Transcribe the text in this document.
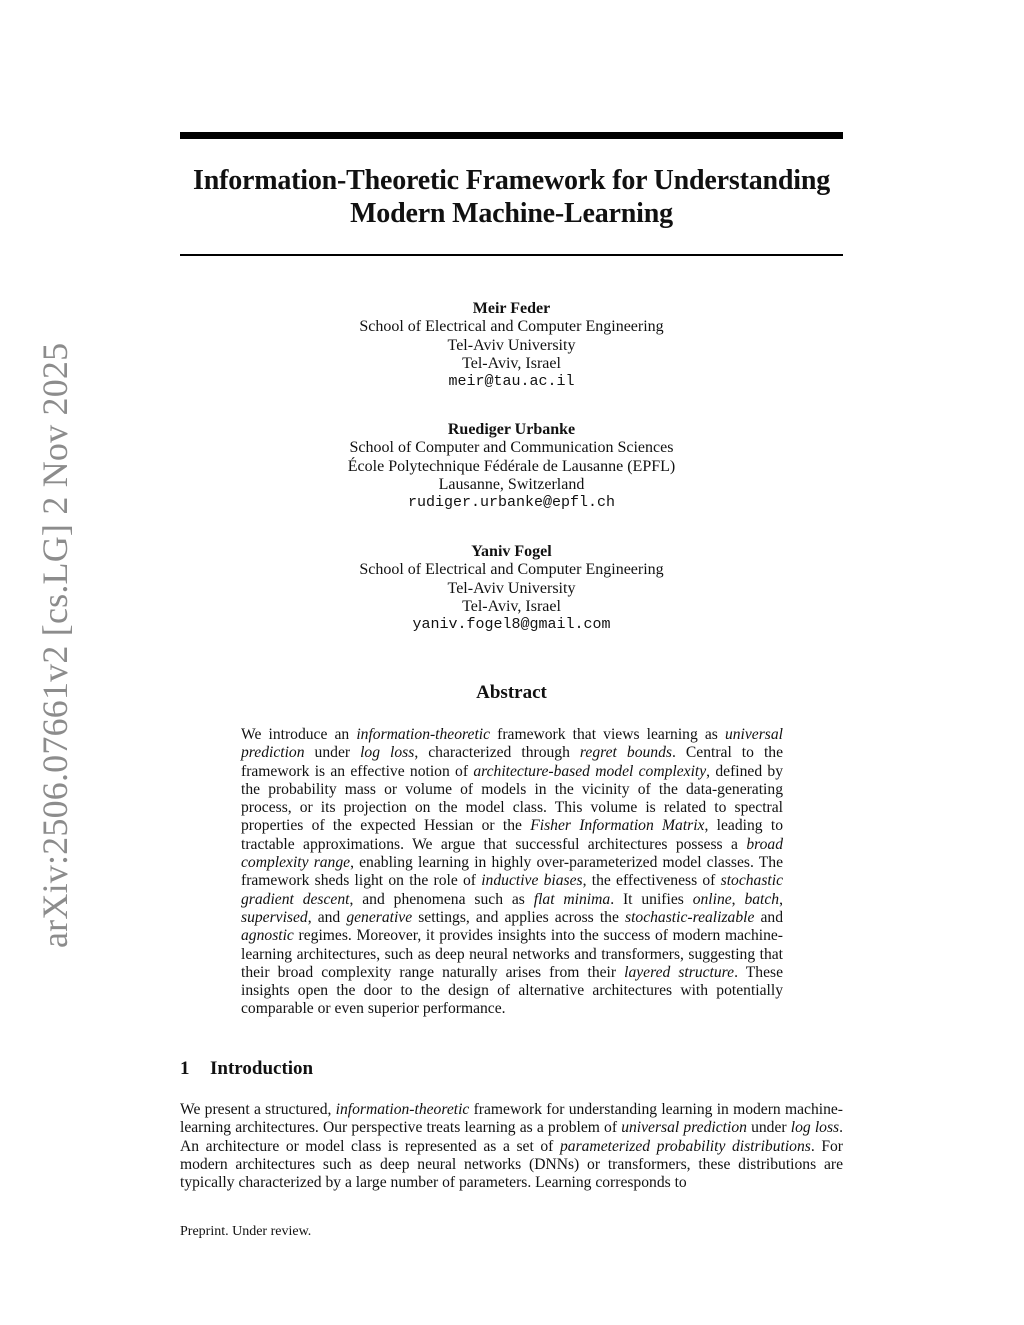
arXiv:2506.07661v2 [cs.LG] 2 Nov 2025
Information-Theoretic Framework for Understanding
Modern Machine-Learning
Meir Feder
School of Electrical and Computer Engineering
Tel-Aviv University
Tel-Aviv, Israel
meir@tau.ac.il
Ruediger Urbanke
School of Computer and Communication Sciences
École Polytechnique Fédérale de Lausanne (EPFL)
Lausanne, Switzerland
rudiger.urbanke@epfl.ch
Yaniv Fogel
School of Electrical and Computer Engineering
Tel-Aviv University
Tel-Aviv, Israel
yaniv.fogel8@gmail.com
Abstract
We introduce an information-theoretic framework that views learning as universal prediction under log loss, characterized through regret bounds. Central to the framework is an effective notion of architecture-based model complexity, defined by the probability mass or volume of models in the vicinity of the data-generating process, or its projection on the model class. This volume is related to spectral properties of the expected Hessian or the Fisher Information Matrix, leading to tractable approximations. We argue that successful architectures possess a broad complexity range, enabling learning in highly over-parameterized model classes. The framework sheds light on the role of inductive biases, the effectiveness of stochastic gradient descent, and phenomena such as flat minima. It unifies online, batch, supervised, and generative settings, and applies across the stochastic-realizable and agnostic regimes. Moreover, it provides insights into the success of modern machine-learning architectures, such as deep neural networks and transformers, suggesting that their broad complexity range naturally arises from their layered structure. These insights open the door to the design of alternative architectures with potentially comparable or even superior performance.
1 Introduction
We present a structured, information-theoretic framework for understanding learning in modern machine-learning architectures. Our perspective treats learning as a problem of universal prediction under log loss. An architecture or model class is represented as a set of parameterized probability distributions. For modern architectures such as deep neural networks (DNNs) or transformers, these distributions are typically characterized by a large number of parameters. Learning corresponds to
Preprint. Under review.
